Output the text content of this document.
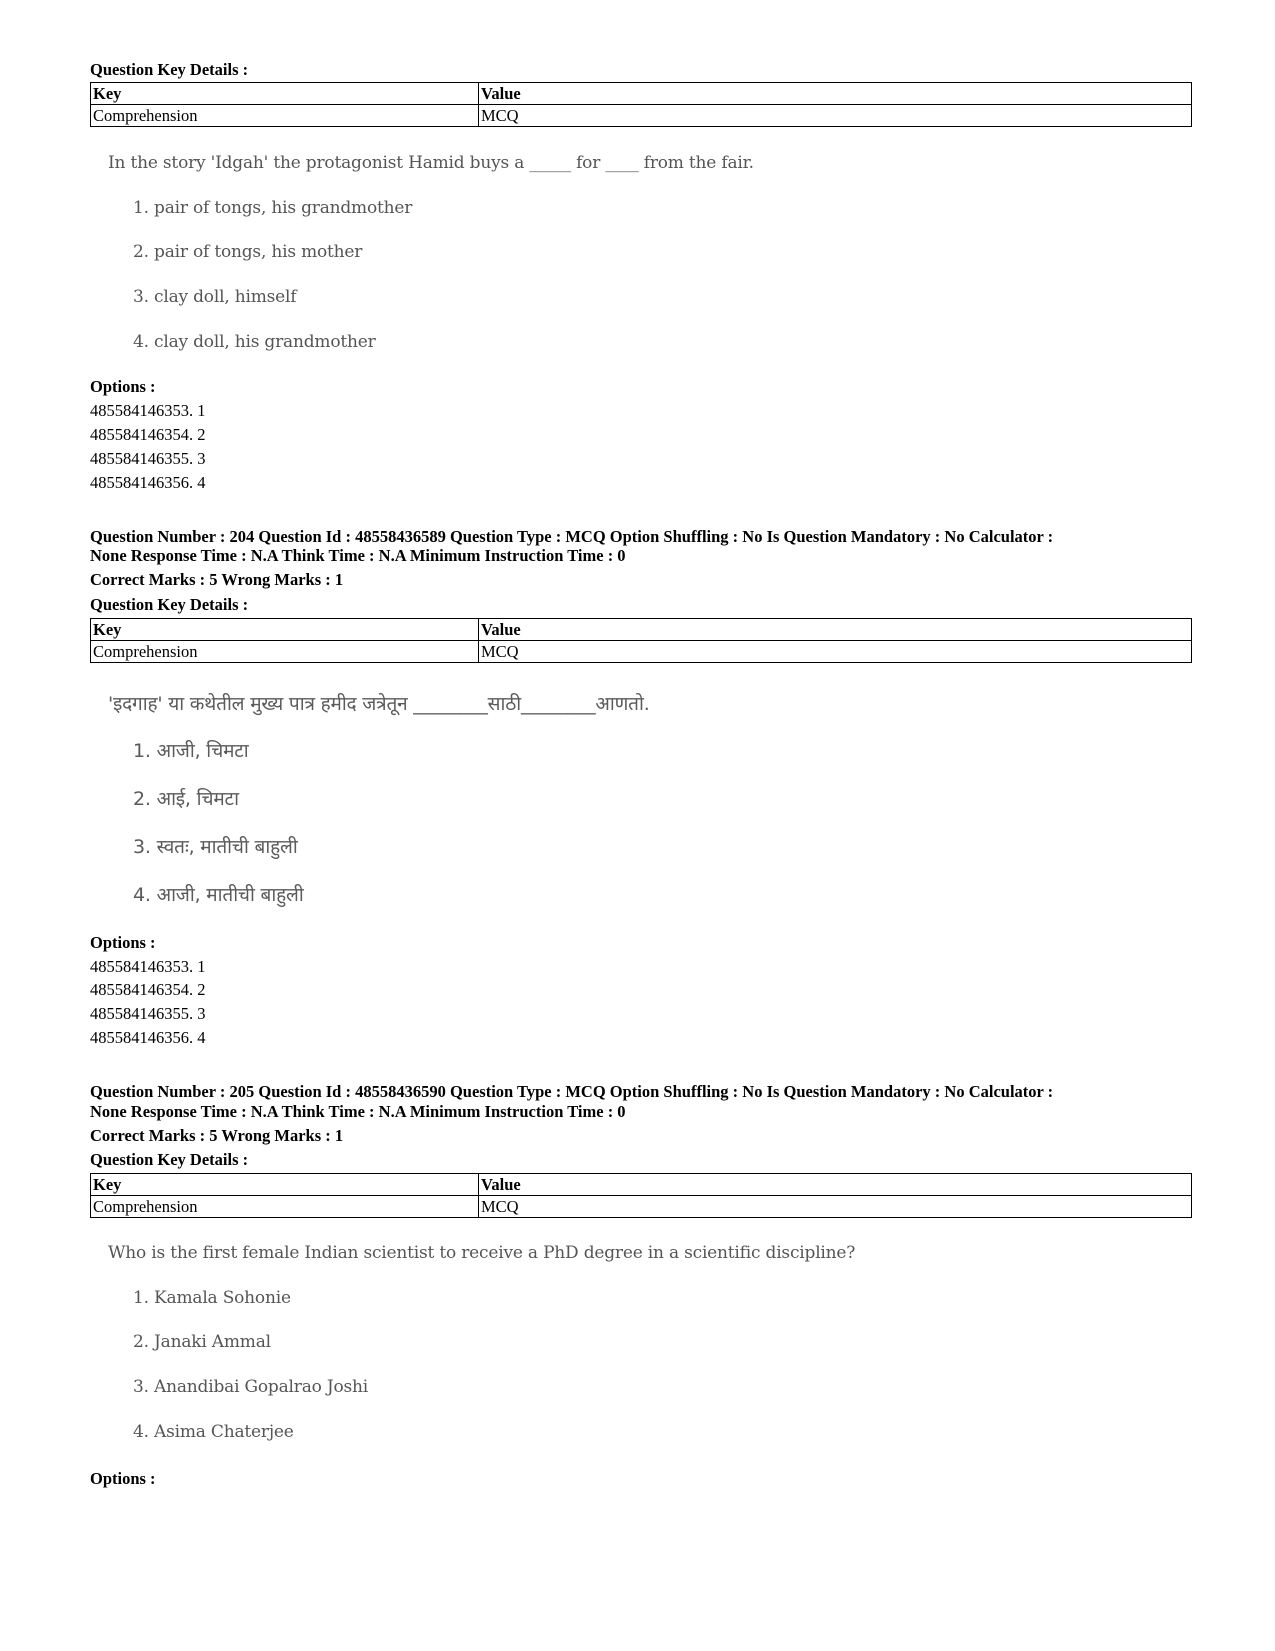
Question Key Details :
Key	Value
Comprehension	MCQ
In the story 'Idgah' the protagonist Hamid buys a _____ for ____ from the fair.
1. pair of tongs, his grandmother
2. pair of tongs, his mother
3. clay doll, himself
4. clay doll, his grandmother
Options :
485584146353. 1
485584146354. 2
485584146355. 3
485584146356. 4
Question Number : 204 Question Id : 48558436589 Question Type : MCQ Option Shuffling : No Is Question Mandatory : No Calculator :
None Response Time : N.A Think Time : N.A Minimum Instruction Time : 0
Correct Marks : 5 Wrong Marks : 1
Question Key Details :
Key	Value
Comprehension	MCQ
'इदगाह' या कथेतील मुख्य पात्र हमीद जत्रेतून ________साठी________आणतो.
1. आजी, चिमटा
2. आई, चिमटा
3. स्वतः, मातीची बाहुली
4. आजी, मातीची बाहुली
Options :
485584146353. 1
485584146354. 2
485584146355. 3
485584146356. 4
Question Number : 205 Question Id : 48558436590 Question Type : MCQ Option Shuffling : No Is Question Mandatory : No Calculator :
None Response Time : N.A Think Time : N.A Minimum Instruction Time : 0
Correct Marks : 5 Wrong Marks : 1
Question Key Details :
Key	Value
Comprehension	MCQ
Who is the first female Indian scientist to receive a PhD degree in a scientific discipline?
1. Kamala Sohonie
2. Janaki Ammal
3. Anandibai Gopalrao Joshi
4. Asima Chaterjee
Options :
